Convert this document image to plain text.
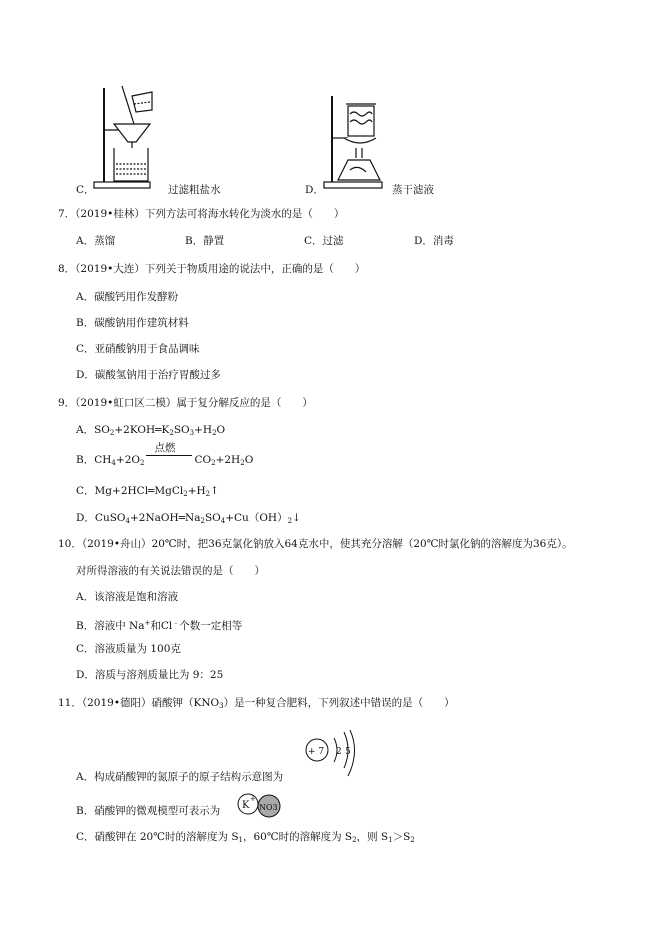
C．	过滤粗盐水	D．	蒸干滤液
7．（2019•桂林）下列方法可将海水转化为淡水的是（　　）
A．蒸馏	B．静置	C．过滤	D．消毒
8．（2019•大连）下列关于物质用途的说法中，正确的是（　　）
A．碳酸钙用作发酵粉
B．碳酸钠用作建筑材料
C．亚硝酸钠用于食品调味
D．碳酸氢钠用于治疗胃酸过多
9．（2019•虹口区二模）属于复分解反应的是（　　）
A．$SO_2+2KOH═K_2SO_3+H_2O$
B．$CH_4+2O_2$
点燃
$CO_2+2H_2O$
C．$Mg+2HCl═MgCl_2+H_2↑$
D．$CuSO_4+2NaOH═Na_2SO_4+Cu(OH)_2↓$
10．（2019•舟山）20℃时，把36克氯化钠放入64克水中，使其充分溶解（20℃时氯化钠的溶解度为36克）。
对所得溶液的有关说法错误的是（　　）
A．该溶液是饱和溶液
B．溶液中 Na+和Cl﹣个数一定相等
C．溶液质量为 100克
D．溶质与溶剂质量比为 9：25
11．（2019•德阳）硝酸钾$(KNO_3)$是一种复合肥料，下列叙述中错误的是（　　）
+ 7 2 5
A．构成硝酸钾的氮原子的原子结构示意图为
K
+
NO3
B．硝酸钾的微观模型可表示为
C．硝酸钾在 20℃时的溶解度为 $S_1$，60℃时的溶解度为 $S_2$，则 $S_1>S_2$
